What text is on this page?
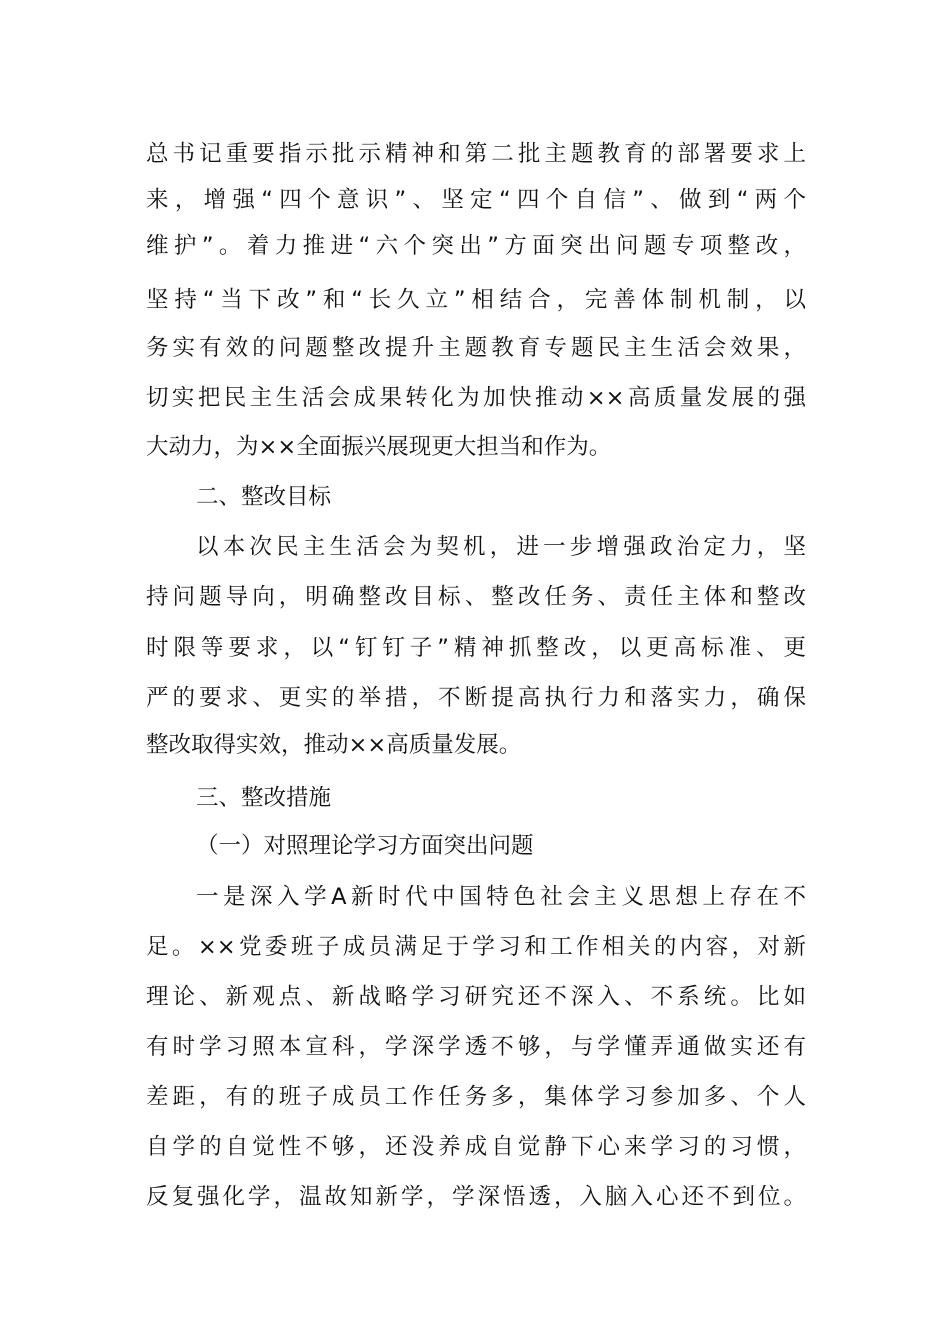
总书记重要指示批示精神和第二批主题教育的部署要求上
来，增强“四个意识”、坚定“四个自信”、做到“两个
维护”。着力推进“六个突出”方面突出问题专项整改，
坚持“当下改”和“长久立”相结合，完善体制机制，以
务实有效的问题整改提升主题教育专题民主生活会效果，
切实把民主生活会成果转化为加快推动××高质量发展的强
大动力，为××全面振兴展现更大担当和作为。
二、整改目标
以本次民主生活会为契机，进一步增强政治定力，坚
持问题导向，明确整改目标、整改任务、责任主体和整改
时限等要求，以“钉钉子”精神抓整改，以更高标准、更
严的要求、更实的举措，不断提高执行力和落实力，确保
整改取得实效，推动××高质量发展。
三、整改措施
（一）对照理论学习方面突出问题
一是深入学A新时代中国特色社会主义思想上存在不
足。××党委班子成员满足于学习和工作相关的内容，对新
理论、新观点、新战略学习研究还不深入、不系统。比如
有时学习照本宣科，学深学透不够，与学懂弄通做实还有
差距，有的班子成员工作任务多，集体学习参加多、个人
自学的自觉性不够，还没养成自觉静下心来学习的习惯，
反复强化学，温故知新学，学深悟透，入脑入心还不到位。
